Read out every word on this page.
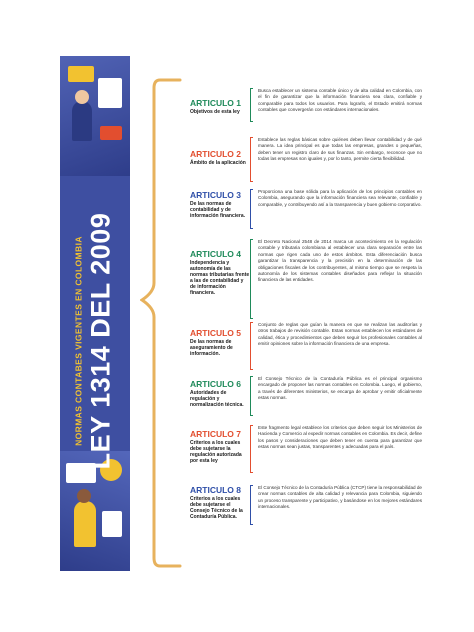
NORMAS CONTABES VIGENTES EN COLOMBIA LEY 1314 DEL 2009
ARTICULO 1
Objetivos de esta ley
Busca establecer un sistema contable único y de alta calidad en Colombia, con el fin de garantizar que la información financiera sea clara, confiable y comparable para todos los usuarios. Para lograrlo, el Estado emitirá normas contables que convergerán con estándares internacionales.
ARTICULO 2
Ámbito de la aplicación
Establece las reglas básicas sobre quiénes deben llevar contabilidad y de qué manera. La idea principal es que todas las empresas, grandes o pequeñas, deben tener un registro claro de sus finanzas. Sin embargo, reconoce que no todas las empresas son iguales y, por lo tanto, permite cierta flexibilidad.
ARTICULO 3
De las normas de contabilidad y de información financiera.
Proporciona una base sólida para la aplicación de los principios contables en Colombia, asegurando que la información financiera sea relevante, confiable y comparable, y contribuyendo así a la transparencia y buen gobierno corporativo.
ARTICULO 4
Independencia y autonomía de las normas tributarias frente a las de contabilidad y de información financiera.
El Decreto Nacional 2548 de 2014 marca un acontecimiento en la regulación contable y tributaria colombiana al establecer una clara separación entre las normas que rigen cada uno de estos ámbitos. Esta diferenciación busca garantizar la transparencia y la precisión en la determinación de las obligaciones fiscales de los contribuyentes, al mismo tiempo que se respeta la autonomía de los sistemas contables diseñados para reflejar la situación financiera de las entidades.
ARTICULO 5
De las normas de aseguramiento de información.
Conjunto de reglas que guían la manera en que se realizan las auditorías y otros trabajos de revisión contable. Estas normas establecen los estándares de calidad, ética y procedimientos que deben seguir los profesionales contables al emitir opiniones sobre la información financiera de una empresa.
ARTICULO 6
Autoridades de regulación y normalización técnica.
El Consejo Técnico de la Contaduría Pública es el principal organismo encargado de proponer las normas contables en Colombia. Luego, el gobierno, a través de diferentes ministerios, se encarga de aprobar y emitir oficialmente estas normas.
ARTICULO 7
Criterios a los cuales debe sujetarse la regulación autorizada por esta ley
Este fragmento legal establece los criterios que deben seguir los Ministerios de Hacienda y Comercio al expedir normas contables en Colombia. Es decir, define los pasos y consideraciones que deben tener en cuenta para garantizar que estas normas sean justas, transparentes y adecuadas para el país.
ARTICULO 8
Criterios a los cuales debe sujetarse el Consejo Técnico de la Contaduría Pública.
El Consejo Técnico de la Contaduría Pública (CTCP) tiene la responsabilidad de crear normas contables de alta calidad y relevancia para Colombia, siguiendo un proceso transparente y participativo, y basándose en los mejores estándares internacionales.
